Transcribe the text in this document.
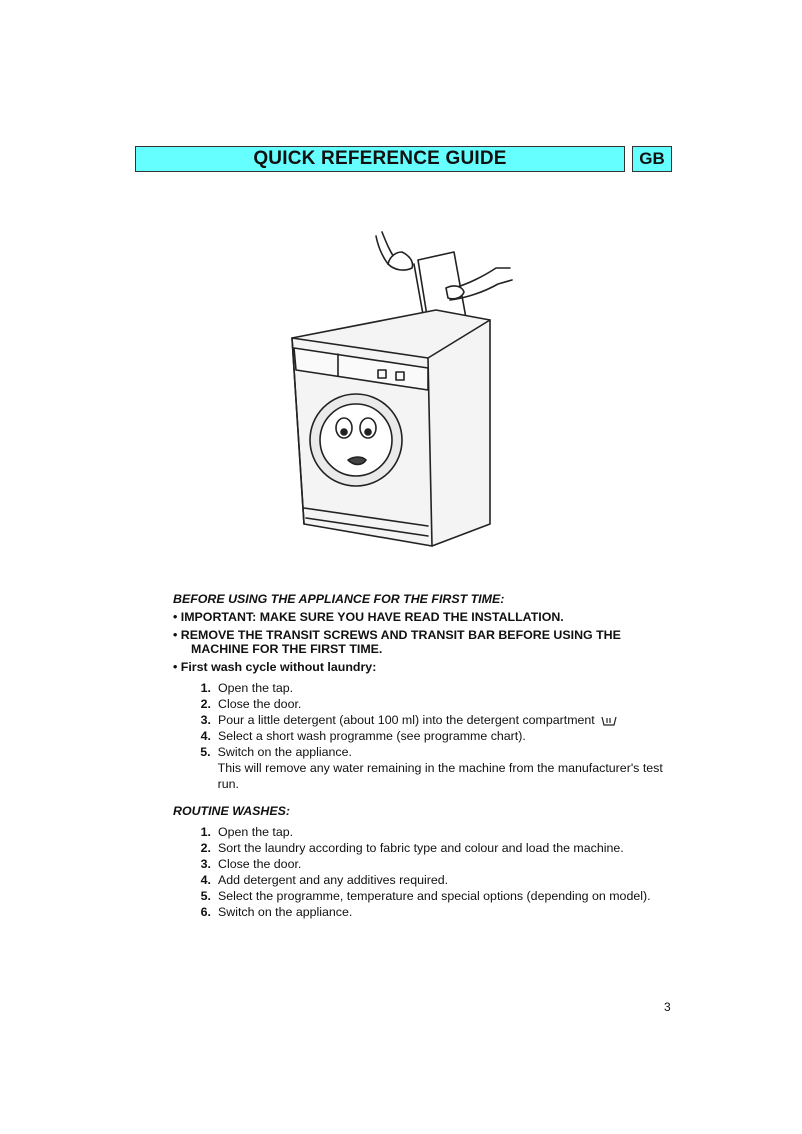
QUICK REFERENCE GUIDE	GB
BEFORE USING THE APPLIANCE FOR THE FIRST TIME:
• IMPORTANT: MAKE SURE YOU HAVE READ THE INSTALLATION.
• REMOVE THE TRANSIT SCREWS AND TRANSIT BAR BEFORE USING THE
MACHINE FOR THE FIRST TIME.
• First wash cycle without laundry:
1. Open the tap.
2. Close the door.
3. Pour a little detergent (about 100 ml) into the detergent compartment
4. Select a short wash programme (see programme chart).
5. Switch on the appliance.
This will remove any water remaining in the machine from the manufacturer's test run.
ROUTINE WASHES:
1. Open the tap.
2. Sort the laundry according to fabric type and colour and load the machine.
3. Close the door.
4. Add detergent and any additives required.
5. Select the programme, temperature and special options (depending on model).
6. Switch on the appliance.
3
